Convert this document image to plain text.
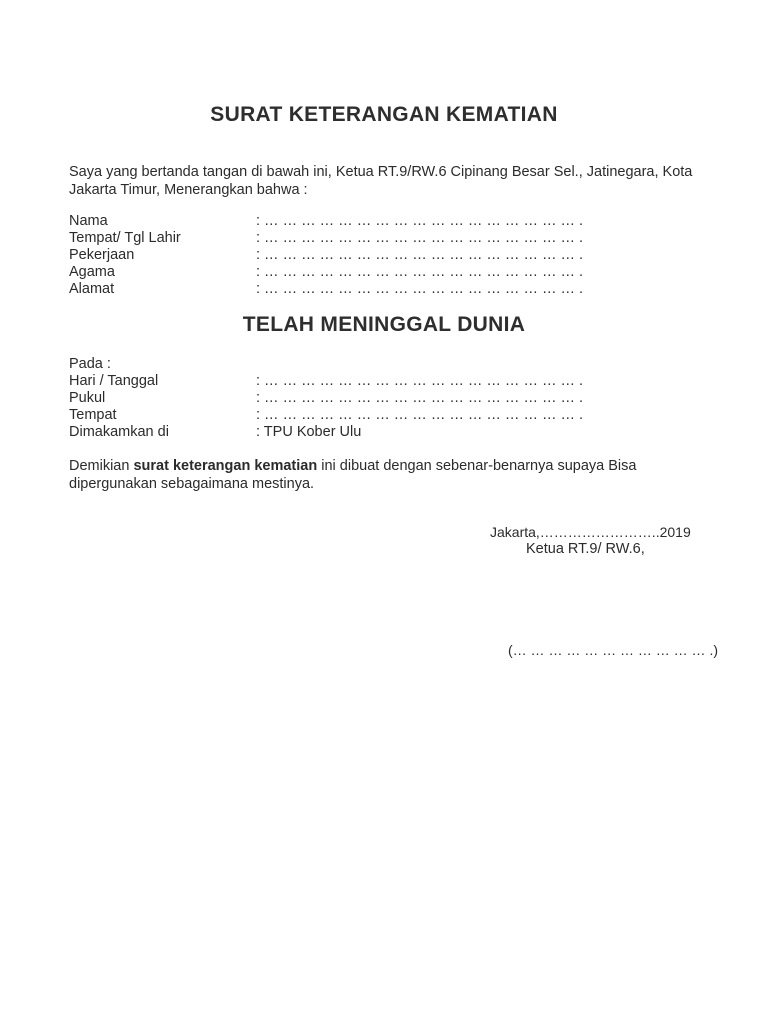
SURAT KETERANGAN KEMATIAN
Saya yang bertanda tangan di bawah ini, Ketua RT.9/RW.6 Cipinang Besar Sel., Jatinegara, Kota Jakarta Timur, Menerangkan bahwa :
Nama	: … … … … … … … … … … … … … … … … … .
Tempat/ Tgl Lahir	: … … … … … … … … … … … … … … … … … .
Pekerjaan	: … … … … … … … … … … … … … … … … … .
Agama	: … … … … … … … … … … … … … … … … … .
Alamat	: … … … … … … … … … … … … … … … … … .
TELAH MENINGGAL DUNIA
Pada :
Hari / Tanggal	: … … … … … … … … … … … … … … … … … .
Pukul	: … … … … … … … … … … … … … … … … … .
Tempat	: … … … … … … … … … … … … … … … … … .
Dimakamkan di	: TPU Kober Ulu
Demikian surat keterangan kematian ini dibuat dengan sebenar-benarnya supaya Bisa dipergunakan sebagaimana mestinya.
Jakarta,……………………..2019
Ketua RT.9/ RW.6,
(… … … … … … … … … … … .)
